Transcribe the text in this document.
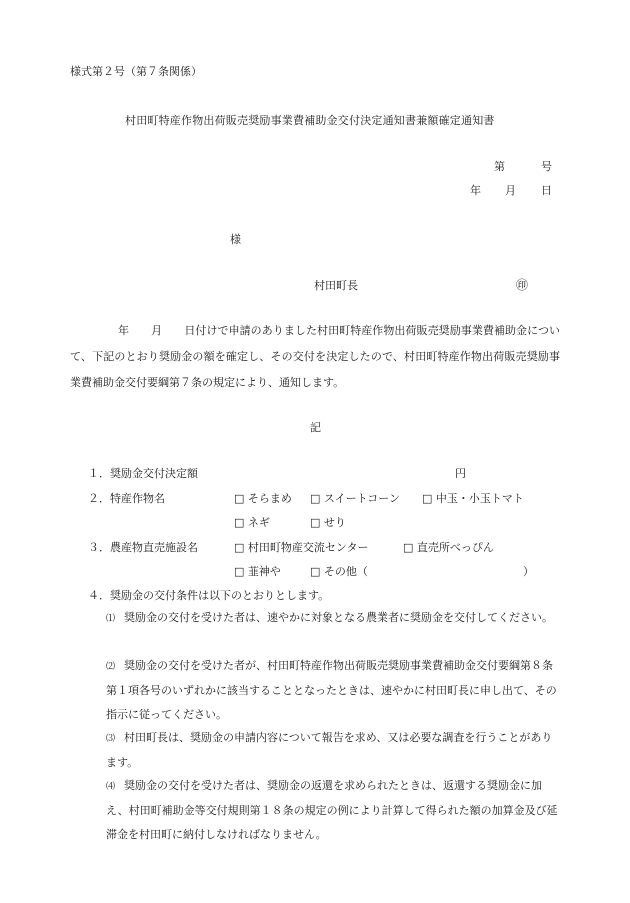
様式第２号（第７条関係）
村田町特産作物出荷販売奨励事業費補助金交付決定通知書兼額確定通知書
第	号
年 月 日
様
村田町長	㊞
年　　月　　日付けで申請のありました村田町特産作物出荷販売奨励事業費補助金について、下記のとおり奨励金の額を確定し、その交付を決定したので、村田町特産作物出荷販売奨励事業費補助金交付要綱第７条の規定により、通知します。
記
１．奨励金交付決定額	円
２．特産作物名	□ そらまめ □ スイートコーン □ 中玉・小玉トマト
□ ネギ	□ せり
３．農産物直売施設名	□ 村田町物産交流センター	□ 直売所べっぴん
□ 韮神や	□ その他（	）
４．奨励金の交付条件は以下のとおりとします。
⑴ 奨励金の交付を受けた者は、速やかに対象となる農業者に奨励金を交付してください。
⑵ 奨励金の交付を受けた者が、村田町特産作物出荷販売奨励事業費補助金交付要綱第８条第１項各号のいずれかに該当することとなったときは、速やかに村田町長に申し出て、その指示に従ってください。
⑶ 村田町長は、奨励金の申請内容について報告を求め、又は必要な調査を行うことがあります。
⑷ 奨励金の交付を受けた者は、奨励金の返還を求められたときは、返還する奨励金に加え、村田町補助金等交付規則第１８条の規定の例により計算して得られた額の加算金及び延滞金を村田町に納付しなければなりません。
